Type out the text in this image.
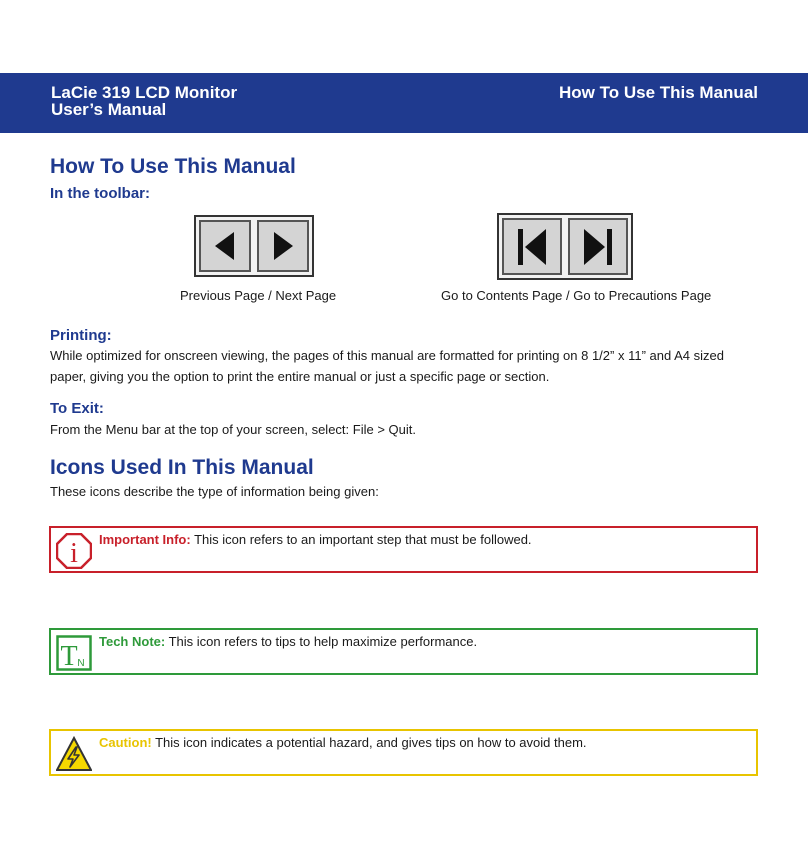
LaCie 319 LCD Monitor
User’s Manual
How To Use This Manual
How To Use This Manual
In the toolbar:
Previous Page / Next Page	Go to Contents Page / Go to Precautions Page
Printing:
While optimized for onscreen viewing, the pages of this manual are formatted for printing on 8 1/2” x 11” and A4 sized
paper, giving you the option to print the entire manual or just a specific page or section.
To Exit:
From the Menu bar at the top of your screen, select: File > Quit.
Icons Used In This Manual
These icons describe the type of information being given:
i Important Info: This icon refers to an important step that must be followed.
T N
Tech Note: This icon refers to tips to help maximize performance.
Caution! This icon indicates a potential hazard, and gives tips on how to avoid them.
